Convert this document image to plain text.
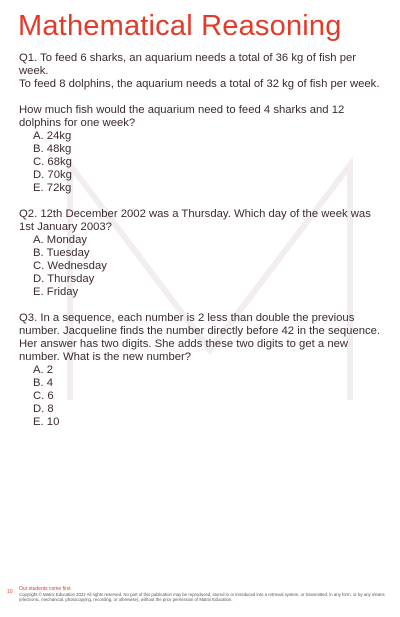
Mathematical Reasoning

Q1. To feed 6 sharks, an aquarium needs a total of 36 kg of fish per week.

To feed 8 dolphins, the aquarium needs a total of 32 kg of fish per week.

How much fish would the aquarium need to feed 4 sharks and 12 dolphins for one week?

A. 24kg
B. 48kg
C. 68kg
D. 70kg
E. 72kg

Q2. 12th December 2002 was a Thursday. Which day of the week was 1st January 2003?

A. Monday
B. Tuesday
C. Wednesday
D. Thursday
E. Friday

Q3. In a sequence, each number is 2 less than double the previous number. Jacqueline finds the number directly before 42 in the sequence. Her answer has two digits. She adds these two digits to get a new number. What is the new number?

A. 2
B. 4
C. 6
D. 8
E. 10
10 Our students come first
Copyright © Matrix Education 2022 All rights reserved. No part of this publication may be reproduced, stored in or introduced into a retrieval system, or transmitted, in any form, or by any means (electronic, mechanical, photocopying, recording, or otherwise), without the prior permission of Matrix Education.
